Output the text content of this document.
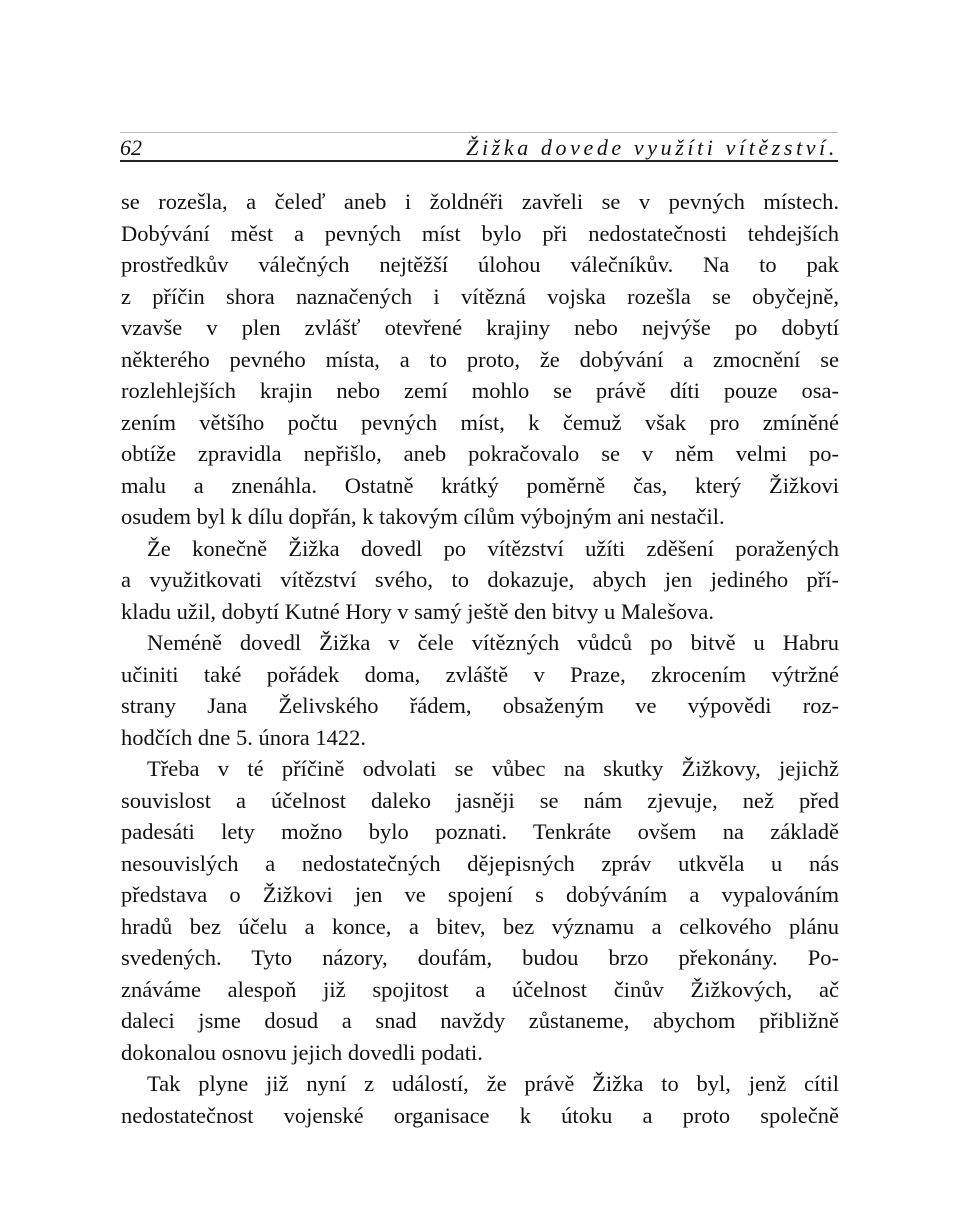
62	Žižka dovede využíti vítězství.
se rozešla, a čeleď aneb i žoldnéři zavřeli se v pevných místech.
Dobývání měst a pevných míst bylo při nedostatečnosti tehdejších
prostředkův válečných nejtěžší úlohou válečníkův. Na to pak
z příčin shora naznačených i vítězná vojska rozešla se obyčejně,
vzavše v plen zvlášť otevřené krajiny nebo nejvýše po dobytí
některého pevného místa, a to proto, že dobývání a zmocnění se
rozlehlejších krajin nebo zemí mohlo se právě díti pouze osa-
zením většího počtu pevných míst, k čemuž však pro zmíněné
obtíže zpravidla nepřišlo, aneb pokračovalo se v něm velmi po-
malu a znenáhla. Ostatně krátký poměrně čas, který Žižkovi
osudem byl k dílu dopřán, k takovým cílům výbojným ani nestačil.
Že konečně Žižka dovedl po vítězství užíti zděšení poražených
a využitkovati vítězství svého, to dokazuje, abych jen jediného pří-
kladu užil, dobytí Kutné Hory v samý ještě den bitvy u Malešova.
Neméně dovedl Žižka v čele vítězných vůdců po bitvě u Habru
učiniti také pořádek doma, zvláště v Praze, zkrocením výtržné
strany Jana Želivského řádem, obsaženým ve výpovědi roz-
hodčích dne 5. února 1422.
Třeba v té příčině odvolati se vůbec na skutky Žižkovy, jejichž
souvislost a účelnost daleko jasněji se nám zjevuje, než před
padesáti lety možno bylo poznati. Tenkráte ovšem na základě
nesouvislých a nedostatečných dějepisných zpráv utkvěla u nás
představa o Žižkovi jen ve spojení s dobýváním a vypalováním
hradů bez účelu a konce, a bitev, bez významu a celkového plánu
svedených. Tyto názory, doufám, budou brzo překonány. Po-
znáváme alespoň již spojitost a účelnost činův Žižkových, ač
daleci jsme dosud a snad navždy zůstaneme, abychom přibližně
dokonalou osnovu jejich dovedli podati.
Tak plyne již nyní z událostí, že právě Žižka to byl, jenž cítil
nedostatečnost vojenské organisace k útoku a proto společně
